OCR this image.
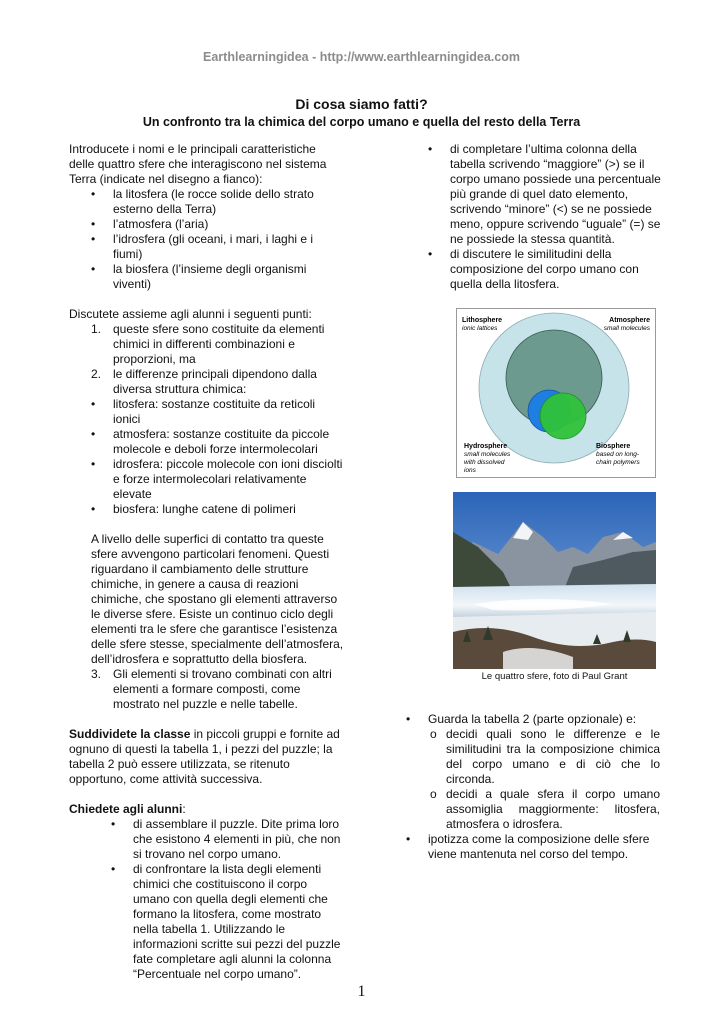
Earthlearningidea - http://www.earthlearningidea.com
Di cosa siamo fatti?
Un confronto tra la chimica del corpo umano e quella del resto della Terra

Introducete i nomi e le principali caratteristiche delle quattro sfere che interagiscono nel sistema Terra (indicate nel disegno a fianco):

• la litosfera (le rocce solide dello strato esterno della Terra)
• l’atmosfera (l’aria)
• l’idrosfera (gli oceani, i mari, i laghi e i fiumi)
• la biosfera (l’insieme degli organismi viventi)

Discutete assieme agli alunni i seguenti punti:

1. queste sfere sono costituite da elementi chimici in differenti combinazioni e proporzioni, ma
2. le differenze principali dipendono dalla diversa struttura chimica:
• litosfera: sostanze costituite da reticoli ionici
• atmosfera: sostanze costituite da piccole molecole e deboli forze intermolecolari
• idrosfera: piccole molecole con ioni disciolti e forze intermolecolari relativamente elevate
• biosfera: lunghe catene di polimeri

A livello delle superfici di contatto tra queste sfere avvengono particolari fenomeni. Questi riguardano il cambiamento delle strutture chimiche, in genere a causa di reazioni chimiche, che spostano gli elementi attraverso le diverse sfere. Esiste un continuo ciclo degli elementi tra le sfere che garantisce l’esistenza delle sfere stesse, specialmente dell’atmosfera, dell’idrosfera e soprattutto della biosfera.

3. Gli elementi si trovano combinati con altri elementi a formare composti, come mostrato nel puzzle e nelle tabelle.

Suddividete la classe in piccoli gruppi e fornite ad ognuno di questi la tabella 1, i pezzi del puzzle; la tabella 2 può essere utilizzata, se ritenuto opportuno, come attività successiva.

Chiedete agli alunni:

• di assemblare il puzzle. Dite prima loro che esistono 4 elementi in più, che non si trovano nel corpo umano.
• di confrontare la lista degli elementi chimici che costituiscono il corpo umano con quella degli elementi che formano la litosfera, come mostrato nella tabella 1. Utilizzando le informazioni scritte sui pezzi del puzzle fate completare agli alunni la colonna “Percentuale nel corpo umano”.
• di completare l’ultima colonna della tabella scrivendo “maggiore” (>) se il corpo umano possiede una percentuale più grande di quel dato elemento, scrivendo “minore” (<) se ne possiede meno, oppure scrivendo “uguale” (=) se ne possiede la stessa quantità.
• di discutere le similitudini della composizione del corpo umano con quella della litosfera.
Lithosphere
ionic lattices
Atmosphere
small molecules
Hydrosphere
small molecules
with dissolved
ions
Biosphere
based on long-
chain polymers
Le quattro sfere, foto di Paul Grant
• Guarda la tabella 2 (parte opzionale) e:
o decidi quali sono le differenze e le similitudini tra la composizione chimica del corpo umano e di ciò che lo circonda.
o decidi a quale sfera il corpo umano assomiglia maggiormente: litosfera, atmosfera o idrosfera.
• ipotizza come la composizione delle sfere viene mantenuta nel corso del tempo.
1
